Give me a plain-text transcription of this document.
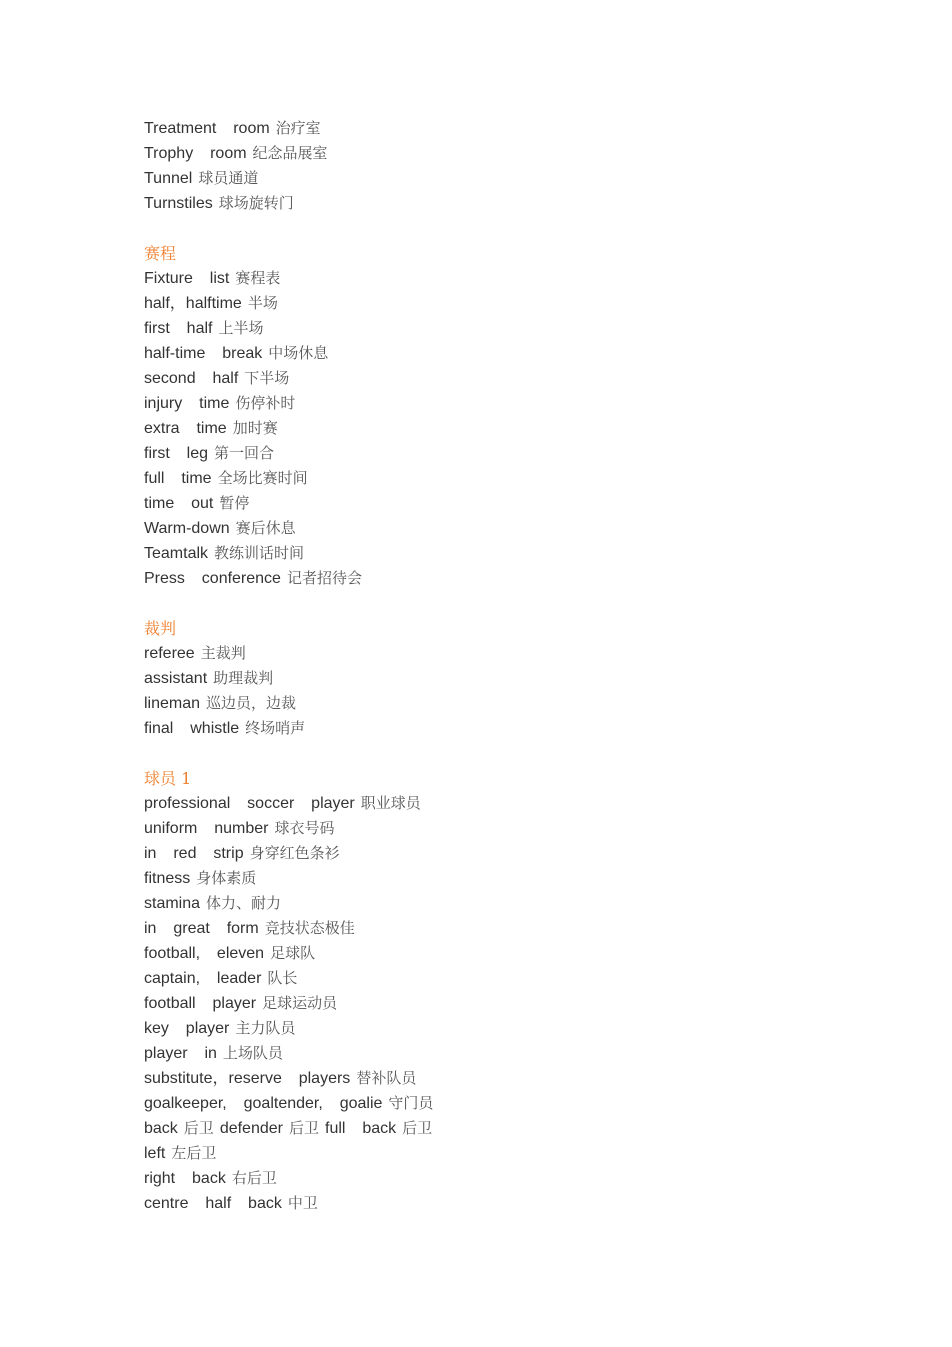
Treatment  room 治疗室
Trophy  room 纪念品展室
Tunnel 球员通道
Turnstiles 球场旋转门
赛程
Fixture  list 赛程表
half，halftime 半场
first  half 上半场
half-time  break 中场休息
second  half 下半场
injury  time 伤停补时
extra  time 加时赛
first  leg 第一回合
full  time 全场比赛时间
time  out 暂停
Warm-down 赛后休息
Teamtalk 教练训话时间
Press  conference 记者招待会
裁判
referee 主裁判
assistant 助理裁判
lineman 巡边员，边裁
final  whistle 终场哨声
球员 1
professional  soccer  player 职业球员
uniform  number 球衣号码
in  red  strip 身穿红色条衫
fitness 身体素质
stamina 体力、耐力
in  great  form 竞技状态极佳
football,  eleven 足球队
captain,  leader 队长
football  player 足球运动员
key  player 主力队员
player  in 上场队员
substitute，reserve  players 替补队员
goalkeeper,  goaltender,  goalie 守门员
back 后卫 defender 后卫 full  back 后卫
left 左后卫
right  back 右后卫
centre  half  back 中卫
